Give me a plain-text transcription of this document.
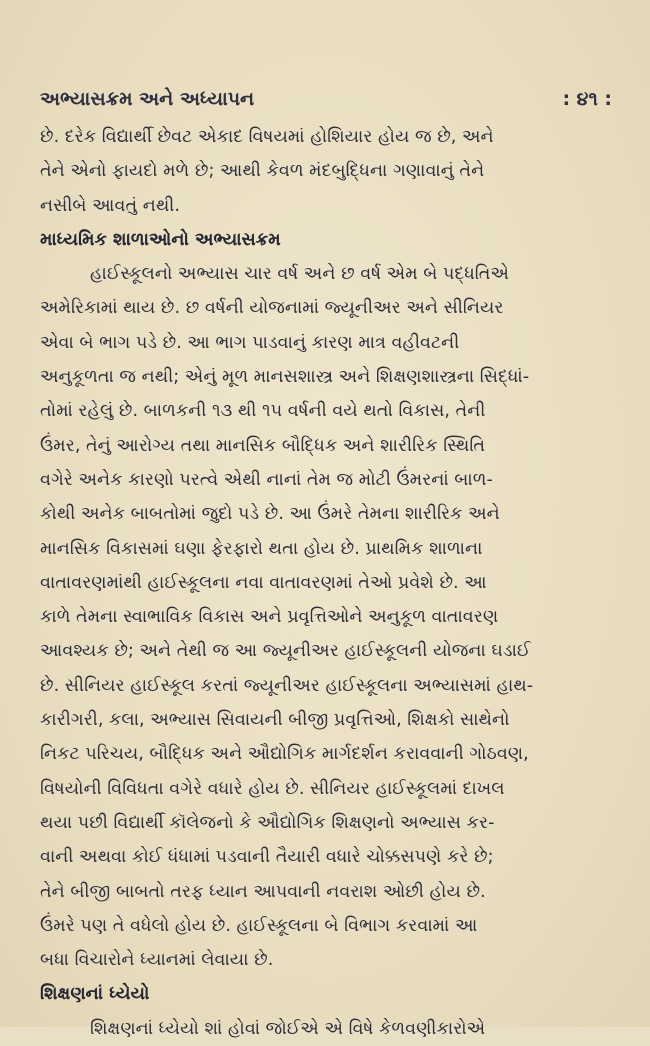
અભ્યાસક્રમ અને અધ્યાપન	: ૪૧ :
છે. દરેક વિદ્યાર્થી છેવટ એકાદ વિષયમાં હોશિયાર હોય જ છે, અને
તેને એનો ફાયદો મળે છે; આથી કેવળ મંદબુદ્ધિના ગણાવાનું તેને
નસીબે આવતું નથી.
માધ્યમિક શાળાઓનો અભ્યાસક્રમ
હાઈસ્કૂલનો અભ્યાસ ચાર વર્ષ અને છ વર્ષ એમ બે પદ્ધતિએ
અમેરિકામાં થાય છે. છ વર્ષની યોજનામાં જ્યૂનીઅર અને સીનિયર
એવા બે ભાગ પડે છે. આ ભાગ પાડવાનું કારણ માત્ર વહીવટની
અનુકૂળતા જ નથી; એનું મૂળ માનસશાસ્ત્ર અને શિક્ષણશાસ્ત્રના સિદ્ધાં-
તોમાં રહેલું છે. બાળકની ૧૩ થી ૧૫ વર્ષની વયે થતો વિકાસ, તેની
ઉંમર, તેનું આરોગ્ય તથા માનસિક બૌદ્ધિક અને શારીરિક સ્થિતિ
વગેરે અનેક કારણો પરત્વે એથી નાનાં તેમ જ મોટી ઉંમરનાં બાળ-
કોથી અનેક બાબતોમાં જુદો પડે છે. આ ઉંમરે તેમના શારીરિક અને
માનસિક વિકાસમાં ઘણા ફેરફારો થતા હોય છે. પ્રાથમિક શાળાના
વાતાવરણમાંથી હાઈસ્કૂલના નવા વાતાવરણમાં તેઓ પ્રવેશે છે. આ
કાળે તેમના સ્વાભાવિક વિકાસ અને પ્રવૃત્તિઓને અનુકૂળ વાતાવરણ
આવશ્યક છે; અને તેથી જ આ જ્યૂનીઅર હાઈસ્કૂલની યોજના ઘડાઈ
છે. સીનિયર હાઈસ્કૂલ કરતાં જ્યૂનીઅર હાઈસ્કૂલના અભ્યાસમાં હાથ-
કારીગરી, કલા, અભ્યાસ સિવાયની બીજી પ્રવૃત્તિઓ, શિક્ષકો સાથેનો
નિકટ પરિચય, બૌદ્ધિક અને ઔદ્યોગિક માર્ગદર્શન કરાવવાની ગોઠવણ,
વિષયોની વિવિધતા વગેરે વધારે હોય છે. સીનિયર હાઈસ્કૂલમાં દાખલ
થયા પછી વિદ્યાર્થી કૉલેજનો કે ઔદ્યોગિક શિક્ષણનો અભ્યાસ કર-
વાની અથવા કોઈ ધંધામાં પડવાની તૈયારી વધારે ચોક્કસપણે કરે છે;
તેને બીજી બાબતો તરફ ધ્યાન આપવાની નવરાશ ઓછી હોય છે.
ઉંમરે પણ તે વધેલો હોય છે. હાઈસ્કૂલના બે વિભાગ કરવામાં આ
બધા વિચારોને ધ્યાનમાં લેવાયા છે.
શિક્ષણનાં ધ્યેયો
શિક્ષણનાં ધ્યેયો શાં હોવાં જોઈએ એ વિષે કેળવણીકારોએ
